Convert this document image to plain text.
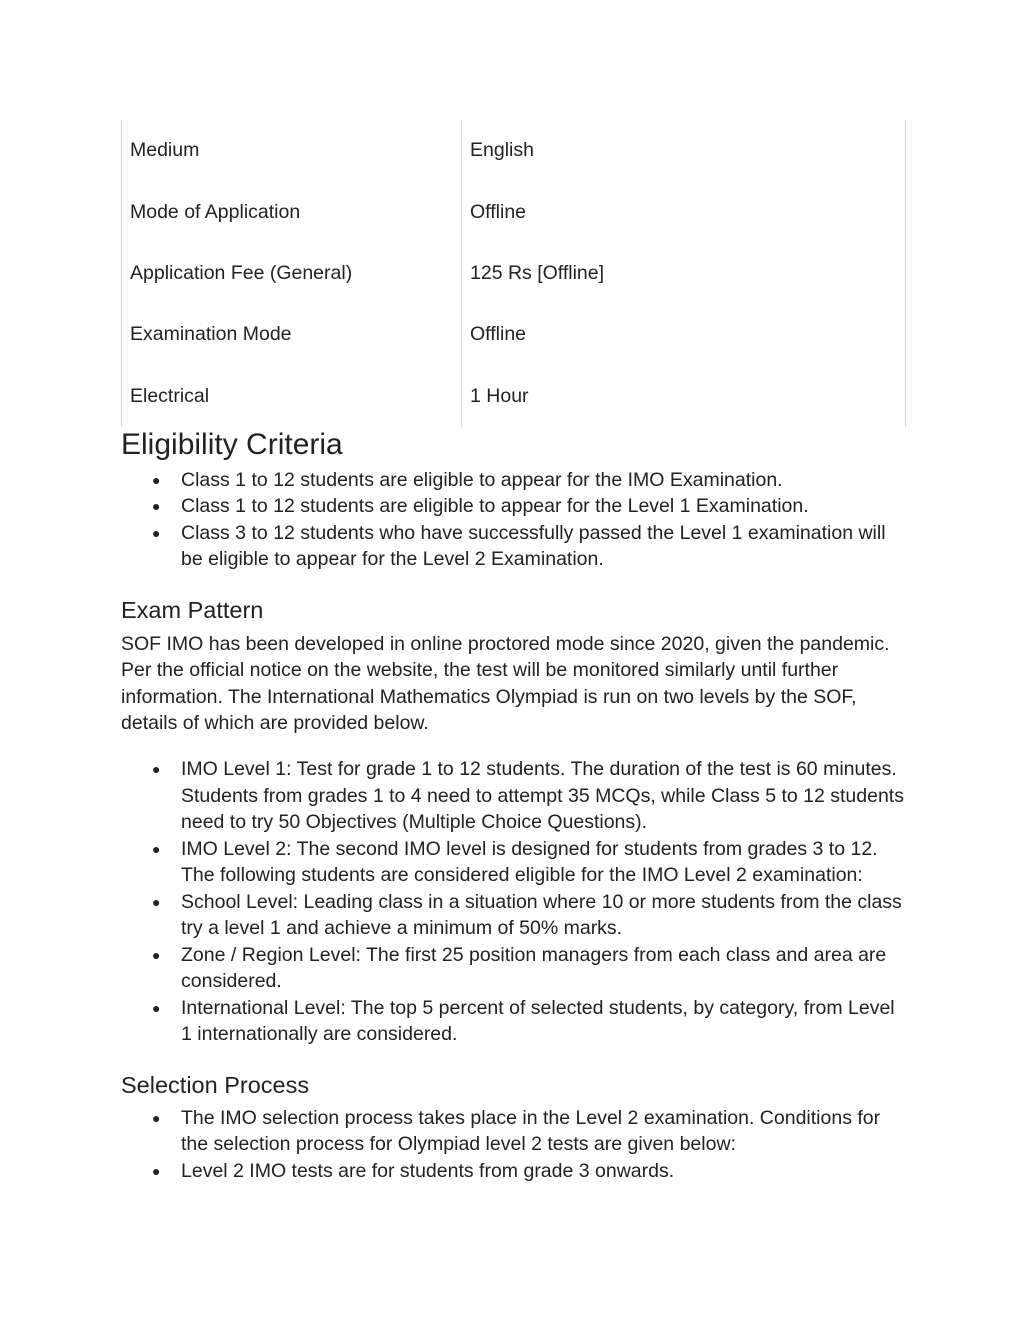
Medium	English
Mode of Application	Offline
Application Fee (General)	125 Rs [Offline]
Examination Mode	Offline
Electrical	1 Hour
Eligibility Criteria
● Class 1 to 12 students are eligible to appear for the IMO Examination.
● Class 1 to 12 students are eligible to appear for the Level 1 Examination.
● Class 3 to 12 students who have successfully passed the Level 1 examination will be eligible to appear for the Level 2 Examination.
Exam Pattern

SOF IMO has been developed in online proctored mode since 2020, given the pandemic. Per the official notice on the website, the test will be monitored similarly until further information. The International Mathematics Olympiad is run on two levels by the SOF, details of which are provided below.

● IMO Level 1: Test for grade 1 to 12 students. The duration of the test is 60 minutes. Students from grades 1 to 4 need to attempt 35 MCQs, while Class 5 to 12 students need to try 50 Objectives (Multiple Choice Questions).
● IMO Level 2: The second IMO level is designed for students from grades 3 to 12. The following students are considered eligible for the IMO Level 2 examination:
● School Level: Leading class in a situation where 10 or more students from the class try a level 1 and achieve a minimum of 50% marks.
● Zone / Region Level: The first 25 position managers from each class and area are considered.
● International Level: The top 5 percent of selected students, by category, from Level 1 internationally are considered.
Selection Process
● The IMO selection process takes place in the Level 2 examination. Conditions for the selection process for Olympiad level 2 tests are given below:
● Level 2 IMO tests are for students from grade 3 onwards.
